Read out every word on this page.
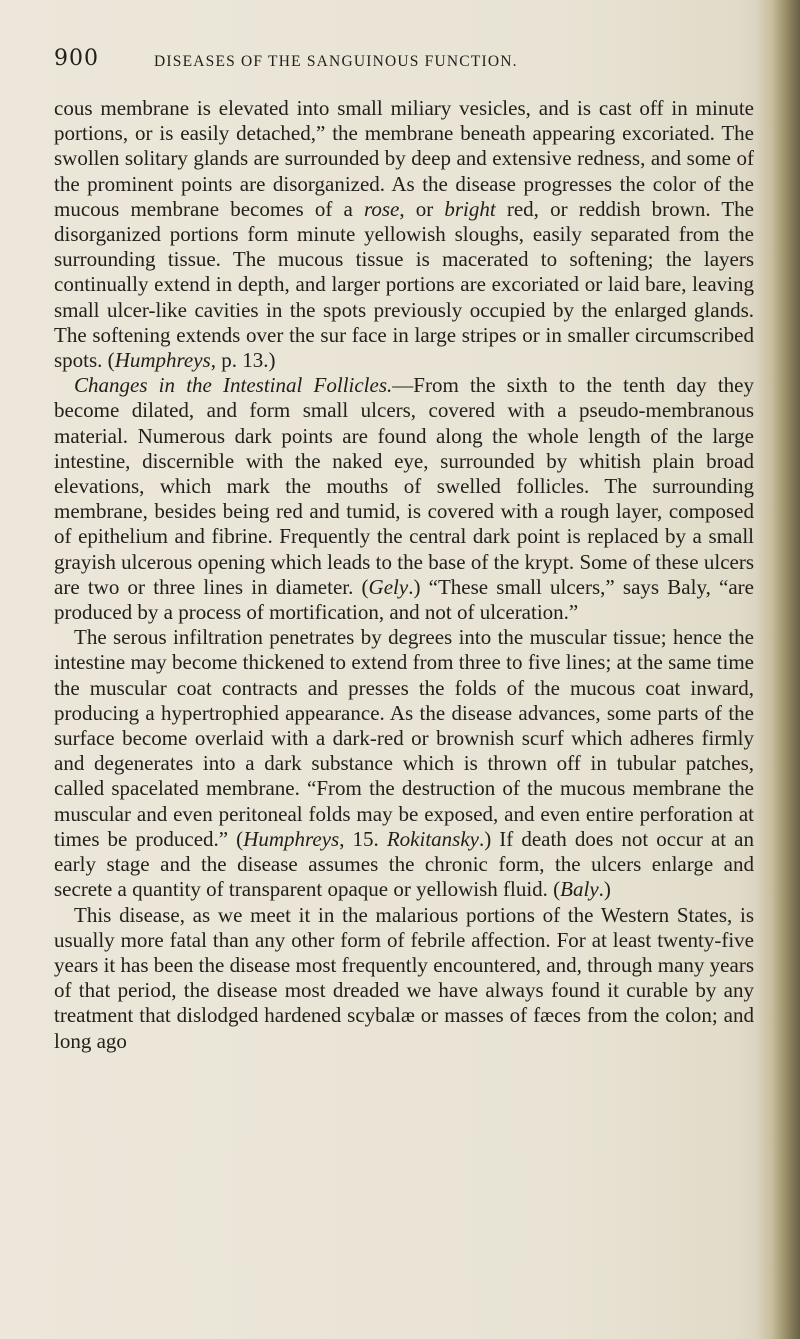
900	DISEASES OF THE SANGUINOUS FUNCTION.

cous membrane is elevated into small miliary vesicles, and is cast off in minute portions, or is easily detached,” the membrane beneath appearing excoriated. The swollen solitary glands are surrounded by deep and extensive redness, and some of the prominent points are disorganized. As the disease progresses the color of the mucous membrane becomes of a rose, or bright red, or reddish brown. The disorganized portions form minute yellowish sloughs, easily separated from the surrounding tissue. The mucous tissue is macerated to softening; the layers continually extend in depth, and larger portions are excoriated or laid bare, leaving small ulcer-like cavities in the spots previously occupied by the enlarged glands. The softening extends over the sur face in large stripes or in smaller circumscribed spots. (Humphreys, p. 13.)

Changes in the Intestinal Follicles.—From the sixth to the tenth day they become dilated, and form small ulcers, covered with a pseudo-membranous material. Numerous dark points are found along the whole length of the large intestine, discernible with the naked eye, surrounded by whitish plain broad elevations, which mark the mouths of swelled follicles. The surrounding membrane, besides being red and tumid, is covered with a rough layer, composed of epithelium and fibrine. Frequently the central dark point is replaced by a small grayish ulcerous opening which leads to the base of the krypt. Some of these ulcers are two or three lines in diameter. (Gely.) “These small ulcers,” says Baly, “are produced by a process of mortification, and not of ulceration.”

The serous infiltration penetrates by degrees into the muscular tissue; hence the intestine may become thickened to extend from three to five lines; at the same time the muscular coat contracts and presses the folds of the mucous coat inward, producing a hypertrophied appearance. As the disease advances, some parts of the surface become overlaid with a dark-red or brownish scurf which adheres firmly and degenerates into a dark substance which is thrown off in tubular patches, called spacelated membrane. “From the destruction of the mucous membrane the muscular and even peritoneal folds may be exposed, and even entire perforation at times be produced.” (Humphreys, 15. Rokitansky.) If death does not occur at an early stage and the disease assumes the chronic form, the ulcers enlarge and secrete a quantity of transparent opaque or yellowish fluid. (Baly.)

This disease, as we meet it in the malarious portions of the Western States, is usually more fatal than any other form of febrile affection. For at least twenty-five years it has been the disease most frequently encountered, and, through many years of that period, the disease most dreaded we have always found it curable by any treatment that dislodged hardened scybalæ or masses of fæces from the colon; and long ago
